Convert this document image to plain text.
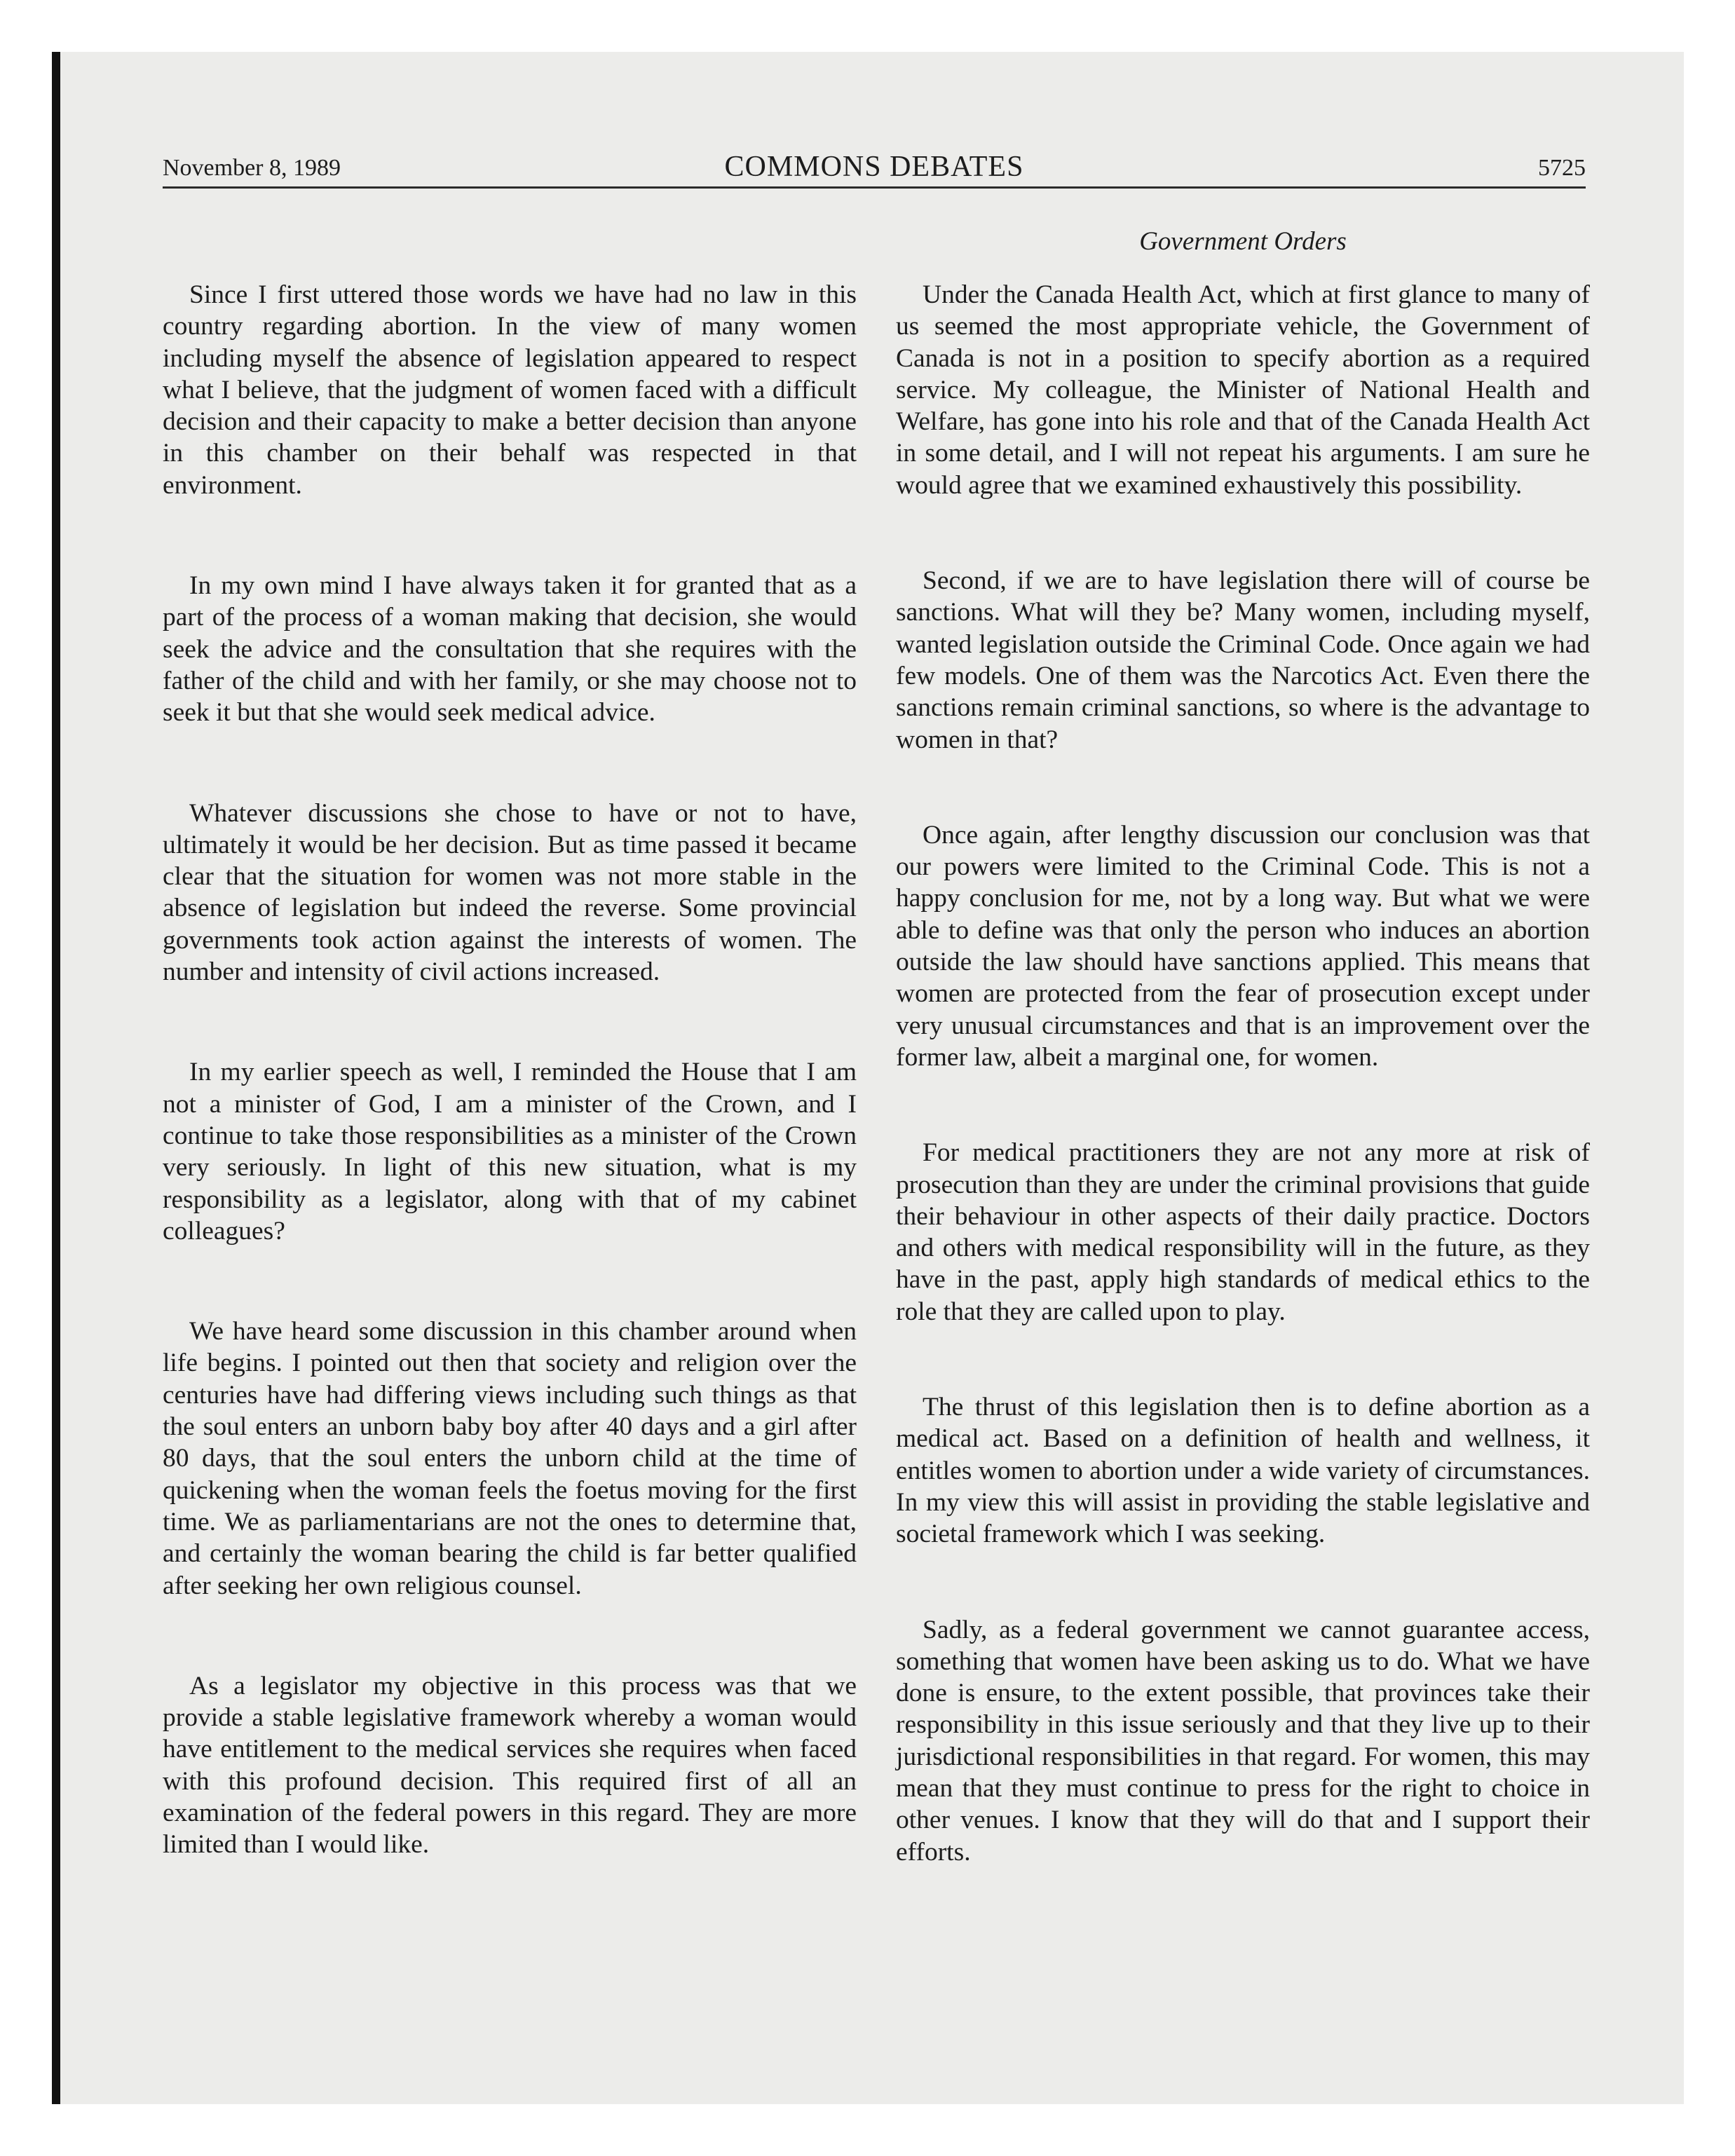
November 8, 1989	COMMONS DEBATES	5725
Government Orders

Since I first uttered those words we have had no law in this country regarding abortion. In the view of many women including myself the absence of legislation appeared to respect what I believe, that the judgment of women faced with a difficult decision and their capacity to make a better decision than anyone in this chamber on their behalf was respected in that environment.

In my own mind I have always taken it for granted that as a part of the process of a woman making that decision, she would seek the advice and the consultation that she requires with the father of the child and with her family, or she may choose not to seek it but that she would seek medical advice.

Whatever discussions she chose to have or not to have, ultimately it would be her decision. But as time passed it became clear that the situation for women was not more stable in the absence of legislation but indeed the reverse. Some provincial governments took action against the interests of women. The number and intensity of civil actions increased.

In my earlier speech as well, I reminded the House that I am not a minister of God, I am a minister of the Crown, and I continue to take those responsibilities as a minister of the Crown very seriously. In light of this new situation, what is my responsibility as a legislator, along with that of my cabinet colleagues?

We have heard some discussion in this chamber around when life begins. I pointed out then that society and religion over the centuries have had differing views including such things as that the soul enters an unborn baby boy after 40 days and a girl after 80 days, that the soul enters the unborn child at the time of quickening when the woman feels the foetus moving for the first time. We as parliamentarians are not the ones to determine that, and certainly the woman bearing the child is far better qualified after seeking her own religious counsel.

As a legislator my objective in this process was that we provide a stable legislative framework whereby a woman would have entitlement to the medical services she requires when faced with this profound decision. This required first of all an examination of the federal powers in this regard. They are more limited than I would like.

Under the Canada Health Act, which at first glance to many of us seemed the most appropriate vehicle, the Government of Canada is not in a position to specify abortion as a required service. My colleague, the Minister of National Health and Welfare, has gone into his role and that of the Canada Health Act in some detail, and I will not repeat his arguments. I am sure he would agree that we examined exhaustively this possibility.

Second, if we are to have legislation there will of course be sanctions. What will they be? Many women, including myself, wanted legislation outside the Criminal Code. Once again we had few models. One of them was the Narcotics Act. Even there the sanctions remain criminal sanctions, so where is the advantage to women in that?

Once again, after lengthy discussion our conclusion was that our powers were limited to the Criminal Code. This is not a happy conclusion for me, not by a long way. But what we were able to define was that only the person who induces an abortion outside the law should have sanctions applied. This means that women are protected from the fear of prosecution except under very unusual circumstances and that is an improvement over the former law, albeit a marginal one, for women.

For medical practitioners they are not any more at risk of prosecution than they are under the criminal provisions that guide their behaviour in other aspects of their daily practice. Doctors and others with medical responsibility will in the future, as they have in the past, apply high standards of medical ethics to the role that they are called upon to play.

The thrust of this legislation then is to define abortion as a medical act. Based on a definition of health and wellness, it entitles women to abortion under a wide variety of circumstances. In my view this will assist in providing the stable legislative and societal framework which I was seeking.

Sadly, as a federal government we cannot guarantee access, something that women have been asking us to do. What we have done is ensure, to the extent possible, that provinces take their responsibility in this issue seriously and that they live up to their jurisdictional responsibilities in that regard. For women, this may mean that they must continue to press for the right to choice in other venues. I know that they will do that and I support their efforts.
